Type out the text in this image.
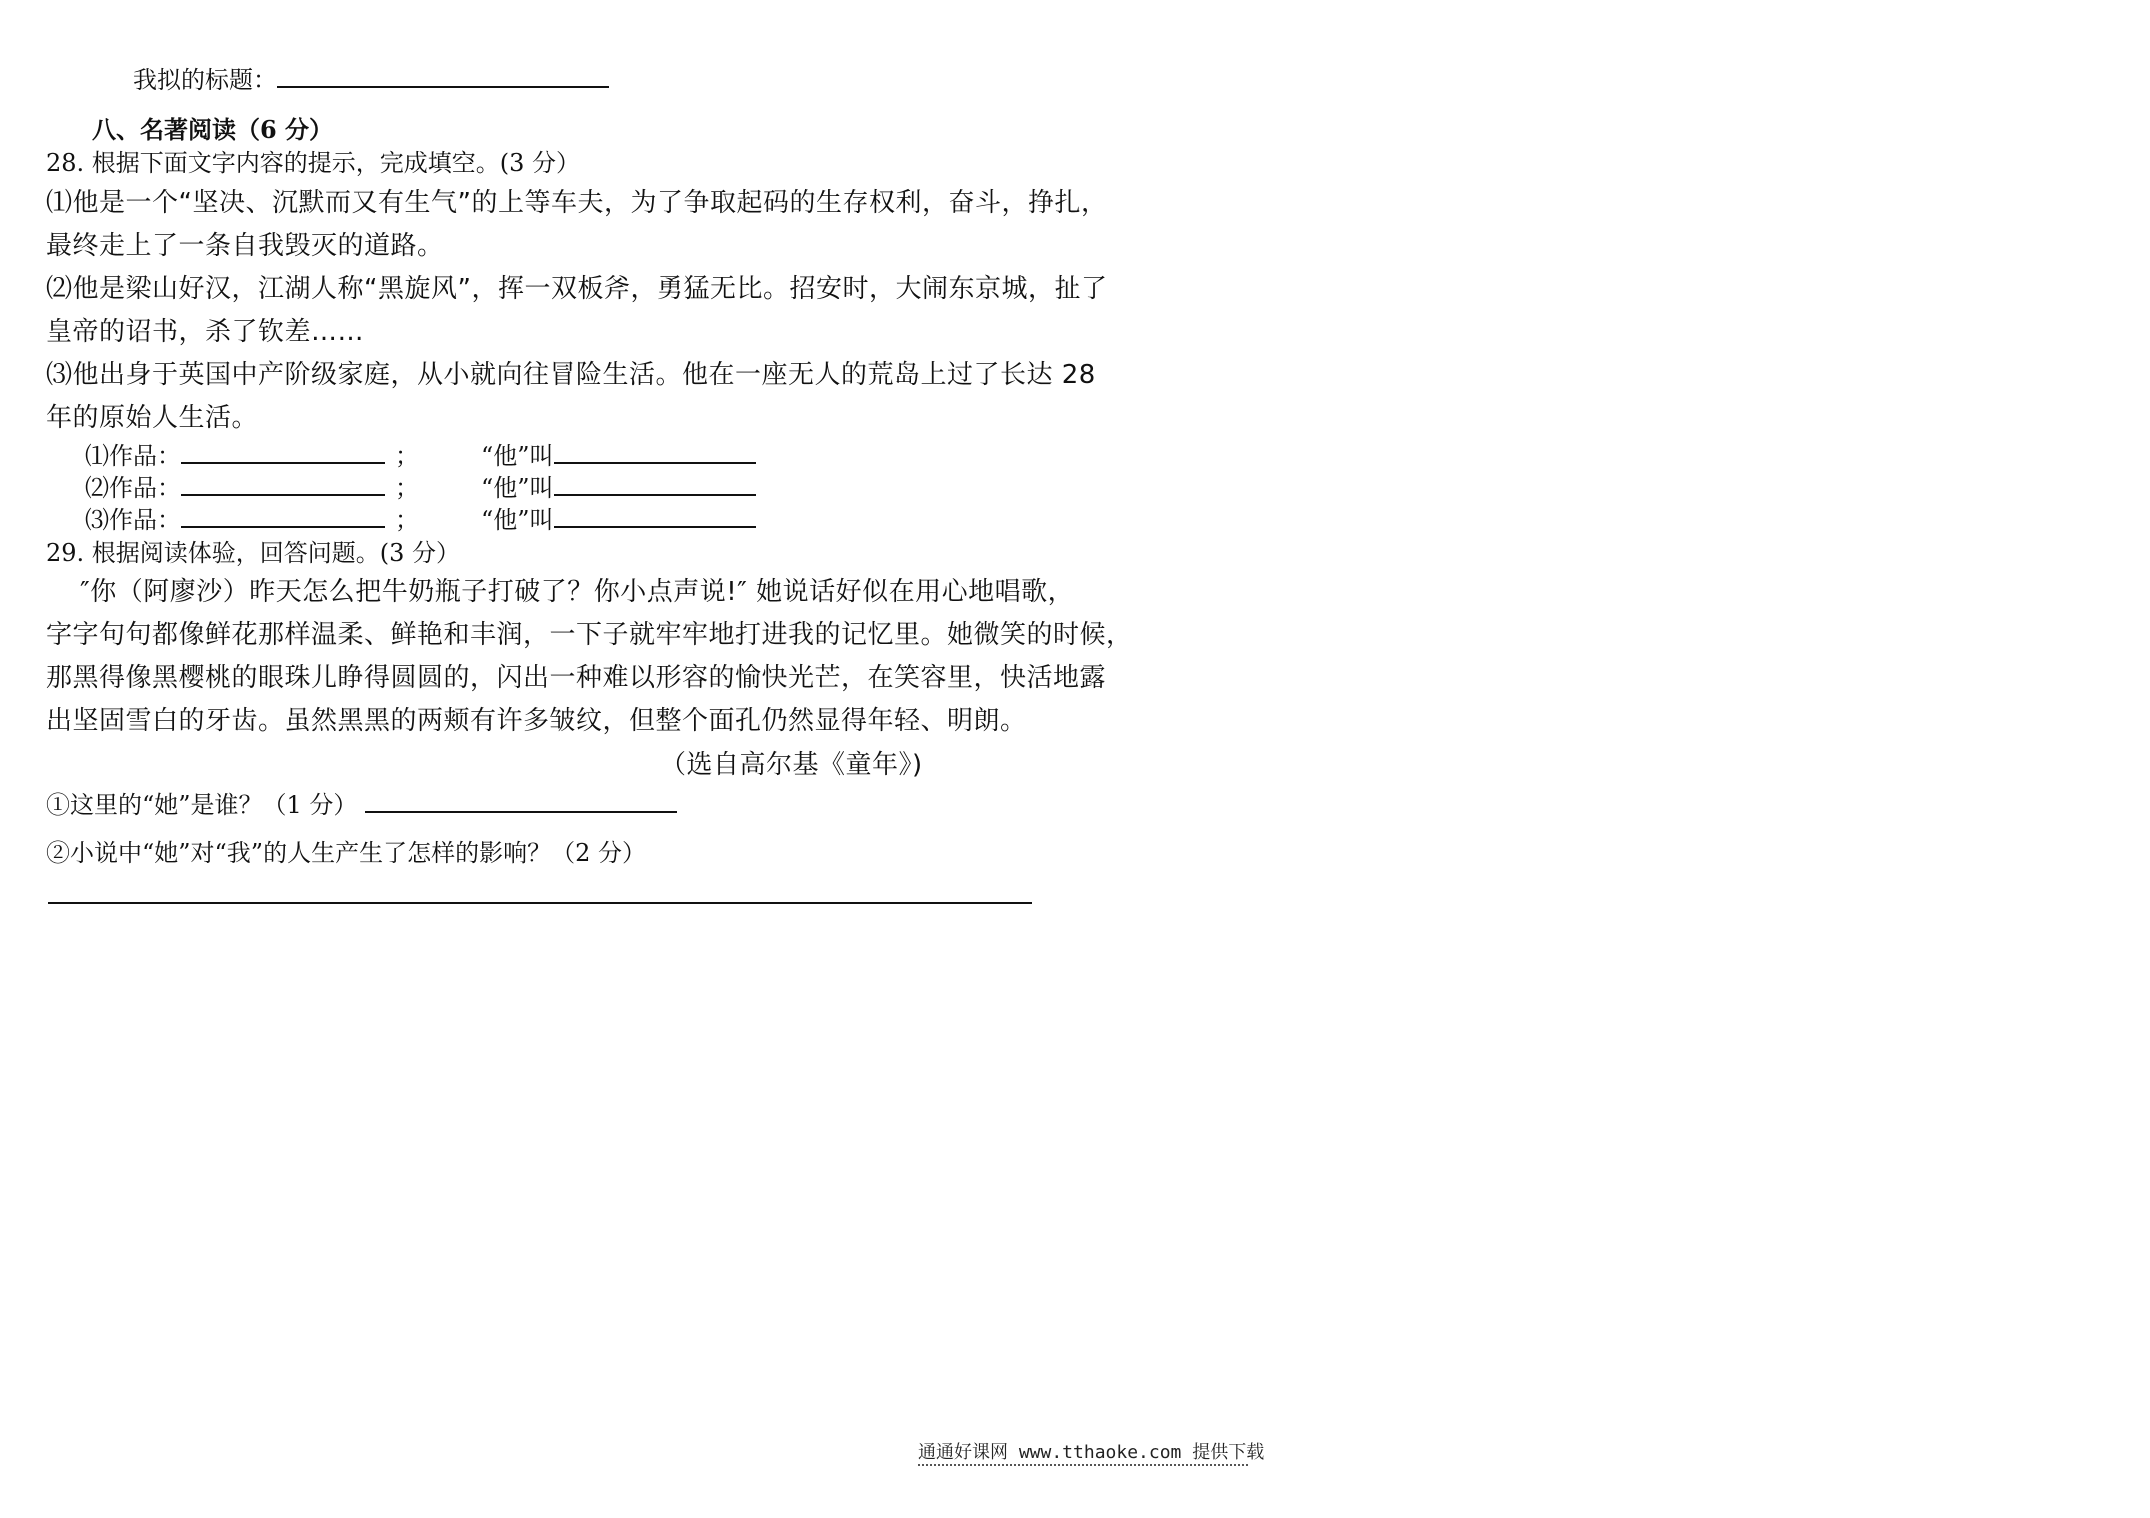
我拟的标题：
八、名著阅读（6 分）
28. 根据下面文字内容的提示，完成填空。(3 分）
⑴他是一个“坚决、沉默而又有生气”的上等车夫，为了争取起码的生存权利，奋斗，挣扎，
最终走上了一条自我毁灭的道路。
⑵他是梁山好汉，江湖人称“黑旋风”，挥一双板斧，勇猛无比。招安时，大闹东京城，扯了
皇帝的诏书，杀了钦差……
⑶他出身于英国中产阶级家庭，从小就向往冒险生活。他在一座无人的荒岛上过了长达 28
年的原始人生活。
⑴作品：	；	“他”叫
⑵作品：	；	“他”叫
⑶作品：	；	“他”叫
29. 根据阅读体验，回答问题。(3 分）
″你（阿廖沙）昨天怎么把牛奶瓶子打破了？你小点声说!″ 她说话好似在用心地唱歌，
字字句句都像鲜花那样温柔、鲜艳和丰润，一下子就牢牢地打进我的记忆里。她微笑的时候，
那黑得像黑樱桃的眼珠儿睁得圆圆的，闪出一种难以形容的愉快光芒，在笑容里，快活地露
出坚固雪白的牙齿。虽然黑黑的两颊有许多皱纹，但整个面孔仍然显得年轻、明朗。
（选自高尔基《童年》)
①这里的“她”是谁？（1 分）
②小说中“她”对“我”的人生产生了怎样的影响？（2 分）
通通好课网 www.tthaoke.com 提供下载
